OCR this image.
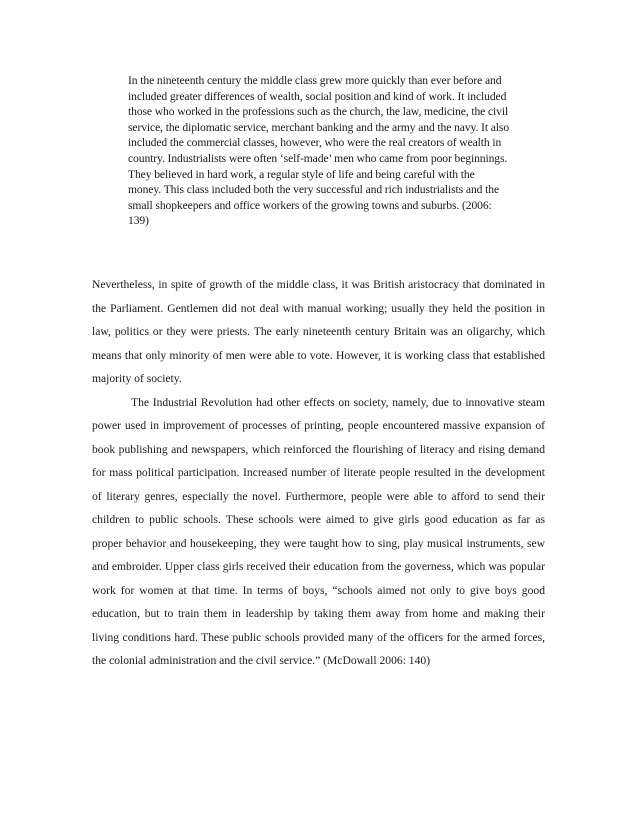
In the nineteenth century the middle class grew more quickly than ever before and included greater differences of wealth, social position and kind of work. It included those who worked in the professions such as the church, the law, medicine, the civil service, the diplomatic service, merchant banking and the army and the navy. It also included the commercial classes, however, who were the real creators of wealth in country. Industrialists were often ‘self-made’ men who came from poor beginnings. They believed in hard work, a regular style of life and being careful with the money. This class included both the very successful and rich industrialists and the small shopkeepers and office workers of the growing towns and suburbs. (2006: 139)

Nevertheless, in spite of growth of the middle class, it was British aristocracy that dominated in the Parliament. Gentlemen did not deal with manual working; usually they held the position in law, politics or they were priests. The early nineteenth century Britain was an oligarchy, which means that only minority of men were able to vote. However, it is working class that established majority of society.

The Industrial Revolution had other effects on society, namely, due to innovative steam power used in improvement of processes of printing, people encountered massive expansion of book publishing and newspapers, which reinforced the flourishing of literacy and rising demand for mass political participation. Increased number of literate people resulted in the development of literary genres, especially the novel. Furthermore, people were able to afford to send their children to public schools. These schools were aimed to give girls good education as far as proper behavior and housekeeping, they were taught how to sing, play musical instruments, sew and embroider. Upper class girls received their education from the governess, which was popular work for women at that time. In terms of boys, “schools aimed not only to give boys good education, but to train them in leadership by taking them away from home and making their living conditions hard. These public schools provided many of the officers for the armed forces, the colonial administration and the civil service.” (McDowall 2006: 140)
